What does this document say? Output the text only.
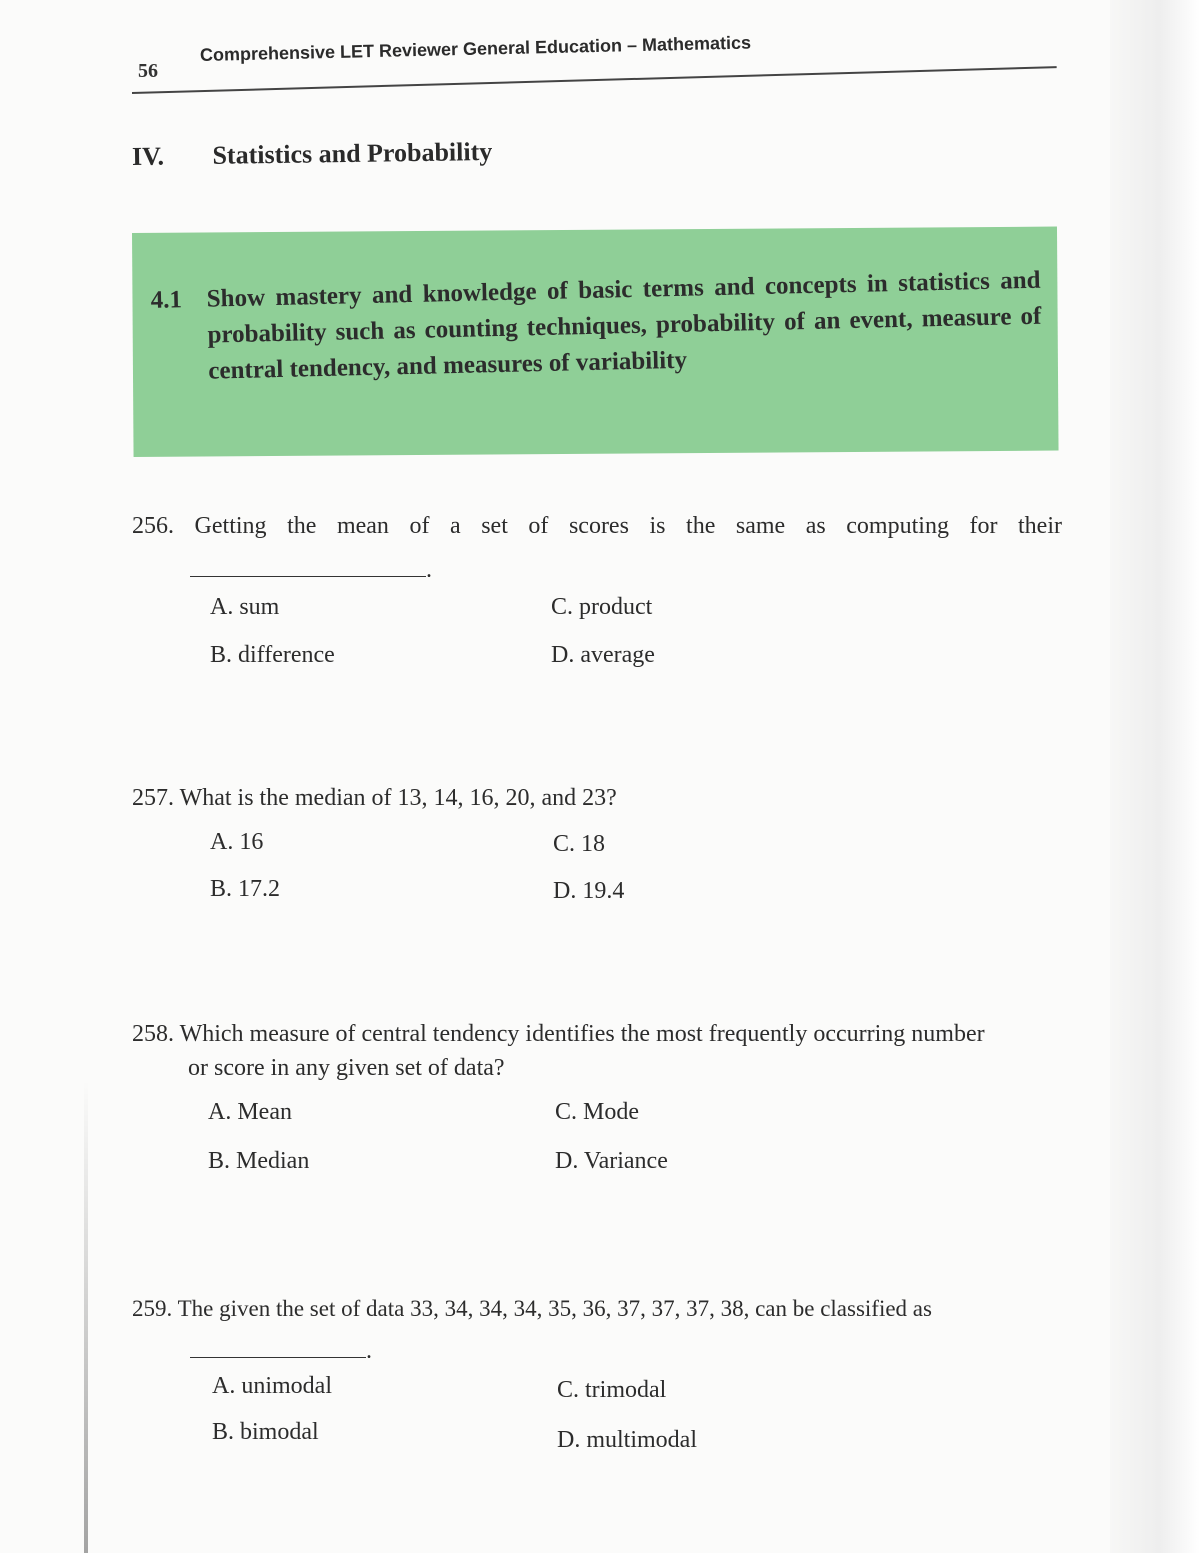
56
Comprehensive LET Reviewer General Education – Mathematics
IV. Statistics and Probability
4.1 Show mastery and knowledge of basic terms and concepts in statistics and probability such as counting techniques, probability of an event, measure of central tendency, and measures of variability
256. Getting the mean of a set of scores is the same as computing for their
.
A. sum	C. product
B. difference	D. average
257. What is the median of 13, 14, 16, 20, and 23?
A. 16	C. 18
B. 17.2	D. 19.4
258. Which measure of central tendency identifies the most frequently occurring number
or score in any given set of data?
A. Mean	C. Mode
B. Median	D. Variance
259. The given the set of data 33, 34, 34, 34, 35, 36, 37, 37, 37, 38, can be classified as
.
A. unimodal	C. trimodal
B. bimodal	D. multimodal
